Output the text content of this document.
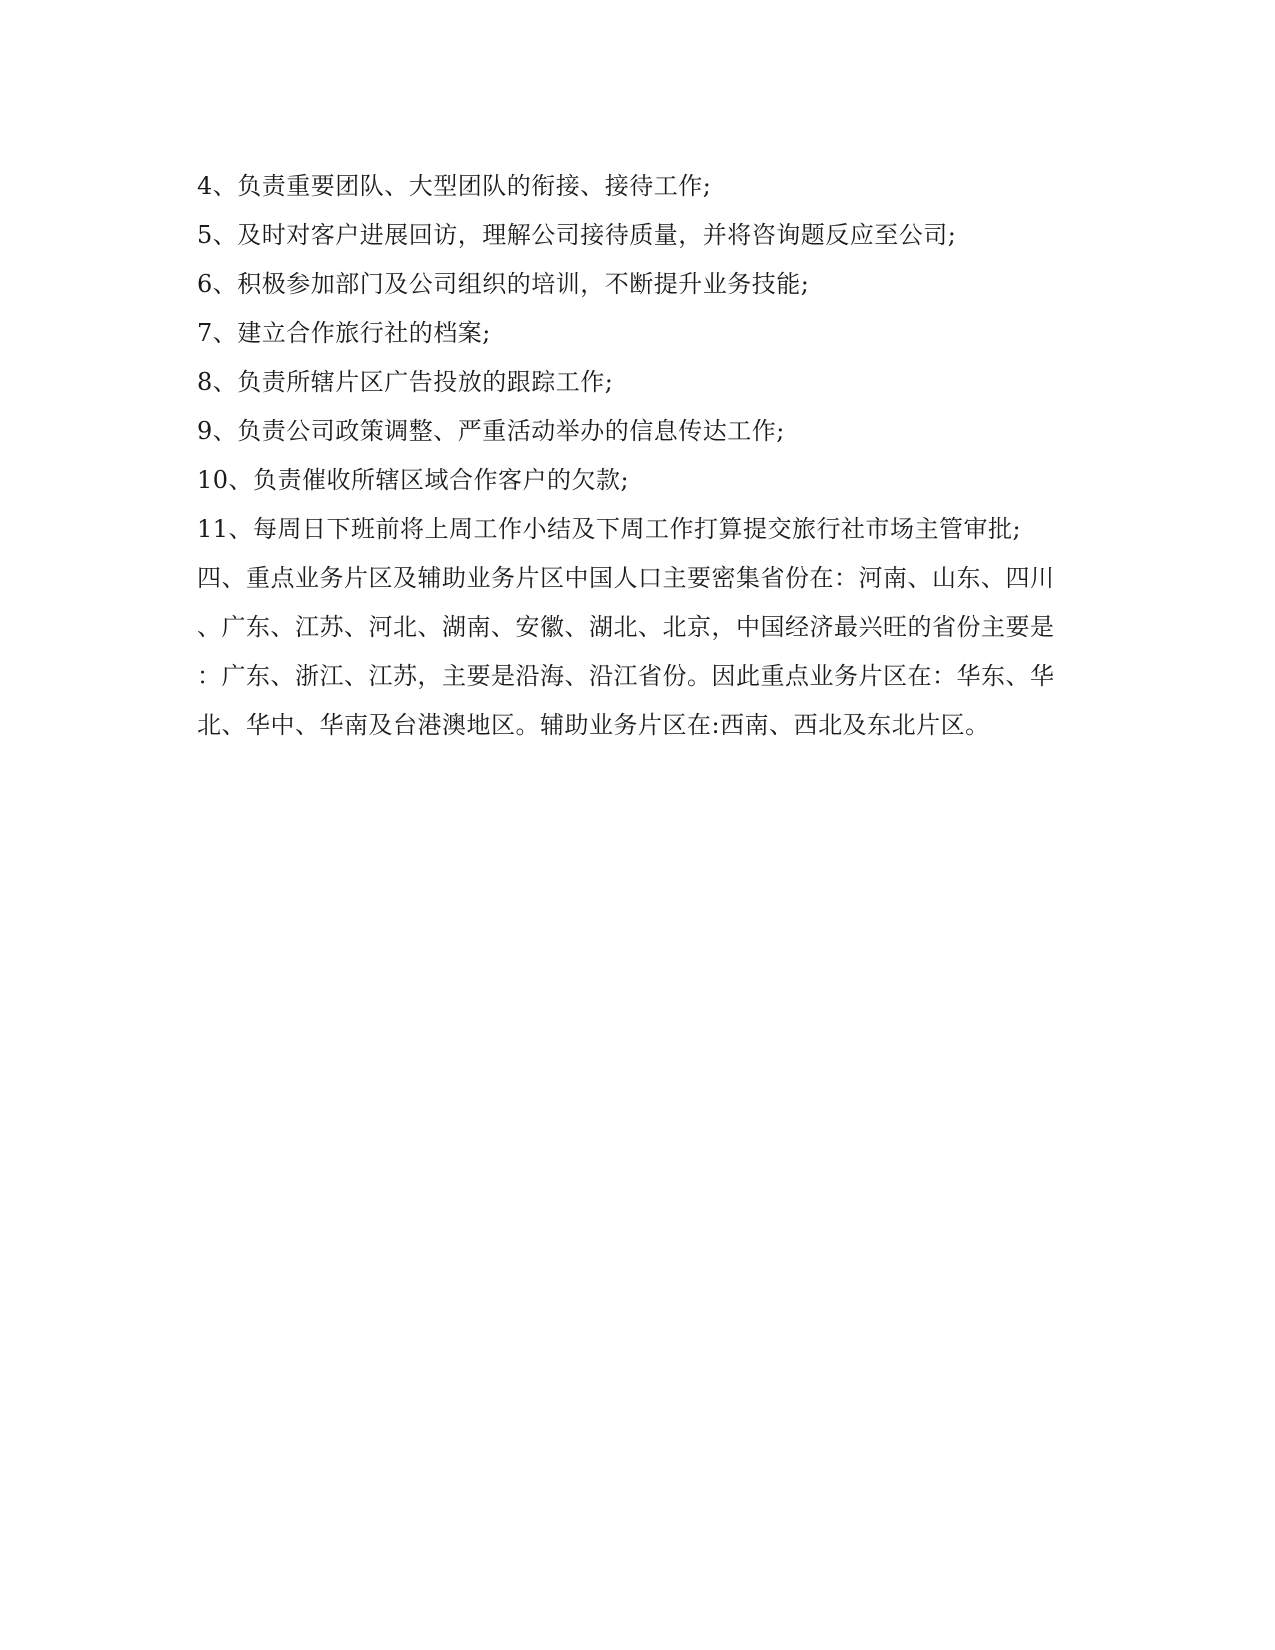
4、负责重要团队、大型团队的衔接、接待工作;
5、及时对客户进展回访，理解公司接待质量，并将咨询题反应至公司;
6、积极参加部门及公司组织的培训，不断提升业务技能;
7、建立合作旅行社的档案;
8、负责所辖片区广告投放的跟踪工作;
9、负责公司政策调整、严重活动举办的信息传达工作;
10、负责催收所辖区域合作客户的欠款;
11、每周日下班前将上周工作小结及下周工作打算提交旅行社市场主管审批;
四、重点业务片区及辅助业务片区中国人口主要密集省份在：河南、山东、四川
、广东、江苏、河北、湖南、安徽、湖北、北京，中国经济最兴旺的省份主要是
：广东、浙江、江苏，主要是沿海、沿江省份。因此重点业务片区在：华东、华
北、华中、华南及台港澳地区。辅助业务片区在:西南、西北及东北片区。
